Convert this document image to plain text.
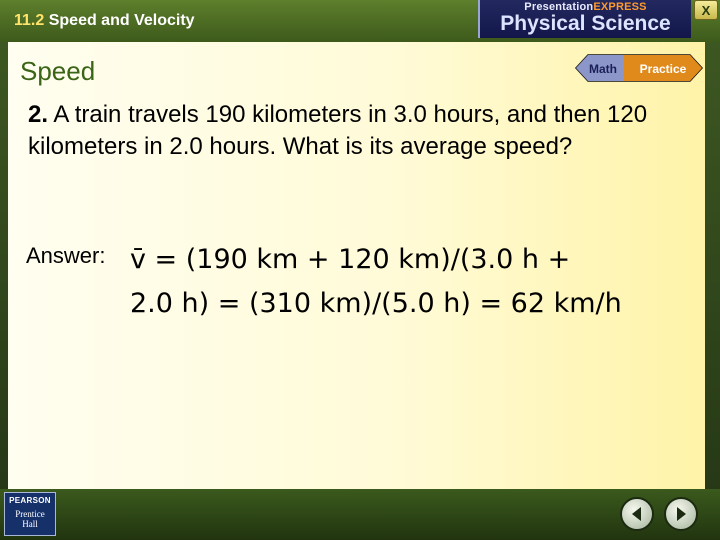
11.2 Speed and Velocity
PresentationEXPRESS
Physical Science
X
Speed	Math Practice
2. A train travels 190 kilometers in 3.0 hours, and then 120 kilometers in 2.0 hours. What is its average speed?
Answer: v̄ = (190 km + 120 km)/(3.0 h +
2.0 h) = (310 km)/(5.0 h) = 62 km/h
PEARSON
Prentice
Hall
